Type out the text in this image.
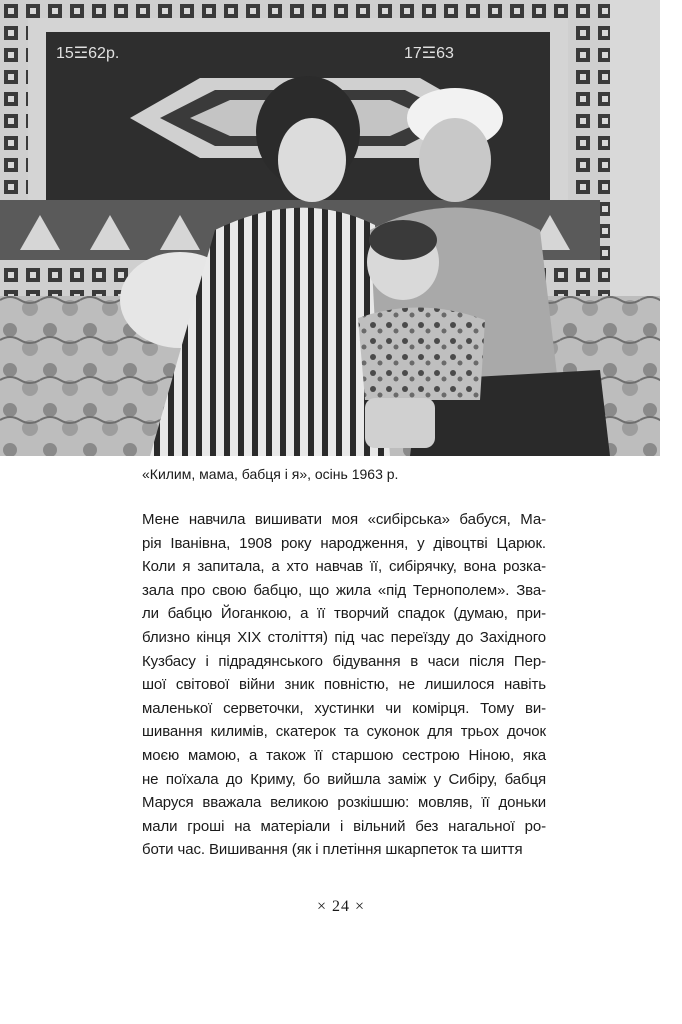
15☲62р.	17☲63
«Килим, мама, бабця і я», осінь 1963 р.
Мене навчила вишивати моя «сибірська» бабуся, Ма-
рія Іванівна, 1908 року народження, у дівоцтві Царюк.
Коли я запитала, а хто навчав її, сибірячку, вона розка-
зала про свою бабцю, що жила «під Тернополем». Зва-
ли бабцю Йоганкою, а її творчий спадок (думаю, при-
близно кінця XIX століття) під час переїзду до Західного
Кузбасу і підрадянського бідування в часи після Пер-
шої світової війни зник повністю, не лишилося навіть
маленької серветочки, хустинки чи комірця. Тому ви-
шивання килимів, скатерок та суконок для трьох дочок
моєю мамою, а також її старшою сестрою Ніною, яка
не поїхала до Криму, бо вийшла заміж у Сибіру, бабця
Маруся вважала великою розкішшю: мовляв, її доньки
мали гроші на матеріали і вільний без нагальної ро-
боти час. Вишивання (як і плетіння шкарпеток та шиття
× 24 ×
